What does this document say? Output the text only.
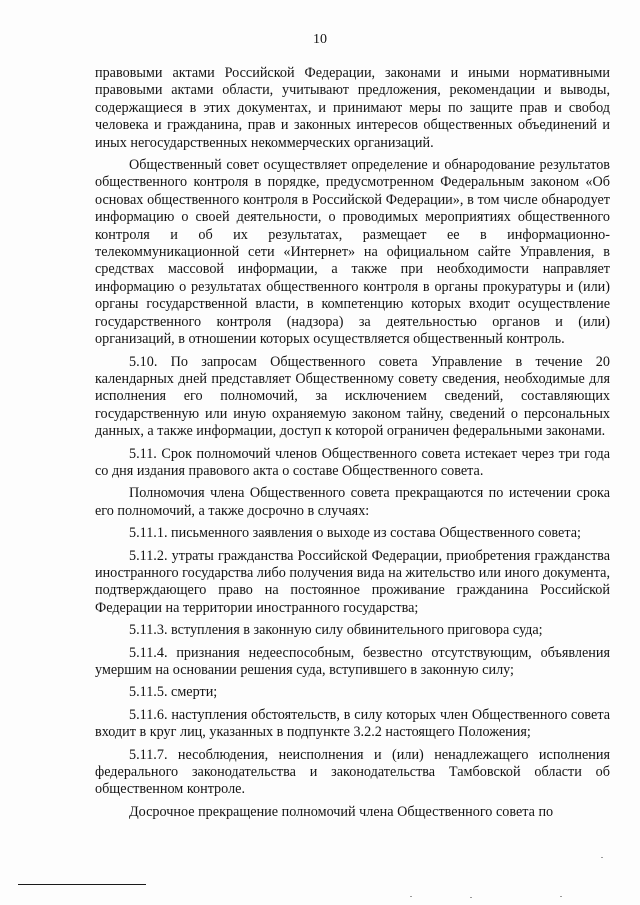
10

правовыми актами Российской Федерации, законами и иными нормативными правовыми актами области, учитывают предложения, рекомендации и выводы, содержащиеся в этих документах, и принимают меры по защите прав и свобод человека и гражданина, прав и законных интересов общественных объединений и иных негосударственных некоммерческих организаций.

Общественный совет осуществляет определение и обнародование результатов общественного контроля в порядке, предусмотренном Федеральным законом «Об основах общественного контроля в Российской Федерации», в том числе обнародует информацию о своей деятельности, о проводимых мероприятиях общественного контроля и об их результатах, размещает ее в информационно-телекоммуникационной сети «Интернет» на официальном сайте Управления, в средствах массовой информации, а также при необходимости направляет информацию о результатах общественного контроля в органы прокуратуры и (или) органы государственной власти, в компетенцию которых входит осуществление государственного контроля (надзора) за деятельностью органов и (или) организаций, в отношении которых осуществляется общественный контроль.

5.10. По запросам Общественного совета Управление в течение 20 календарных дней представляет Общественному совету сведения, необходимые для исполнения его полномочий, за исключением сведений, составляющих государственную или иную охраняемую законом тайну, сведений о персональных данных, а также информации, доступ к которой ограничен федеральными законами.

5.11. Срок полномочий членов Общественного совета истекает через три года со дня издания правового акта о составе Общественного совета.

Полномочия члена Общественного совета прекращаются по истечении срока его полномочий, а также досрочно в случаях:

5.11.1. письменного заявления о выходе из состава Общественного совета;

5.11.2. утраты гражданства Российской Федерации, приобретения гражданства иностранного государства либо получения вида на жительство или иного документа, подтверждающего право на постоянное проживание гражданина Российской Федерации на территории иностранного государства;

5.11.3. вступления в законную силу обвинительного приговора суда;

5.11.4. признания недееспособным, безвестно отсутствующим, объявления умершим на основании решения суда, вступившего в законную силу;

5.11.5. смерти;

5.11.6. наступления обстоятельств, в силу которых член Общественного совета входит в круг лиц, указанных в подпункте 3.2.2 настоящего Положения;

5.11.7. несоблюдения, неисполнения и (или) ненадлежащего исполнения федерального законодательства и законодательства Тамбовской области об общественном контроле.

Досрочное прекращение полномочий члена Общественного совета по
